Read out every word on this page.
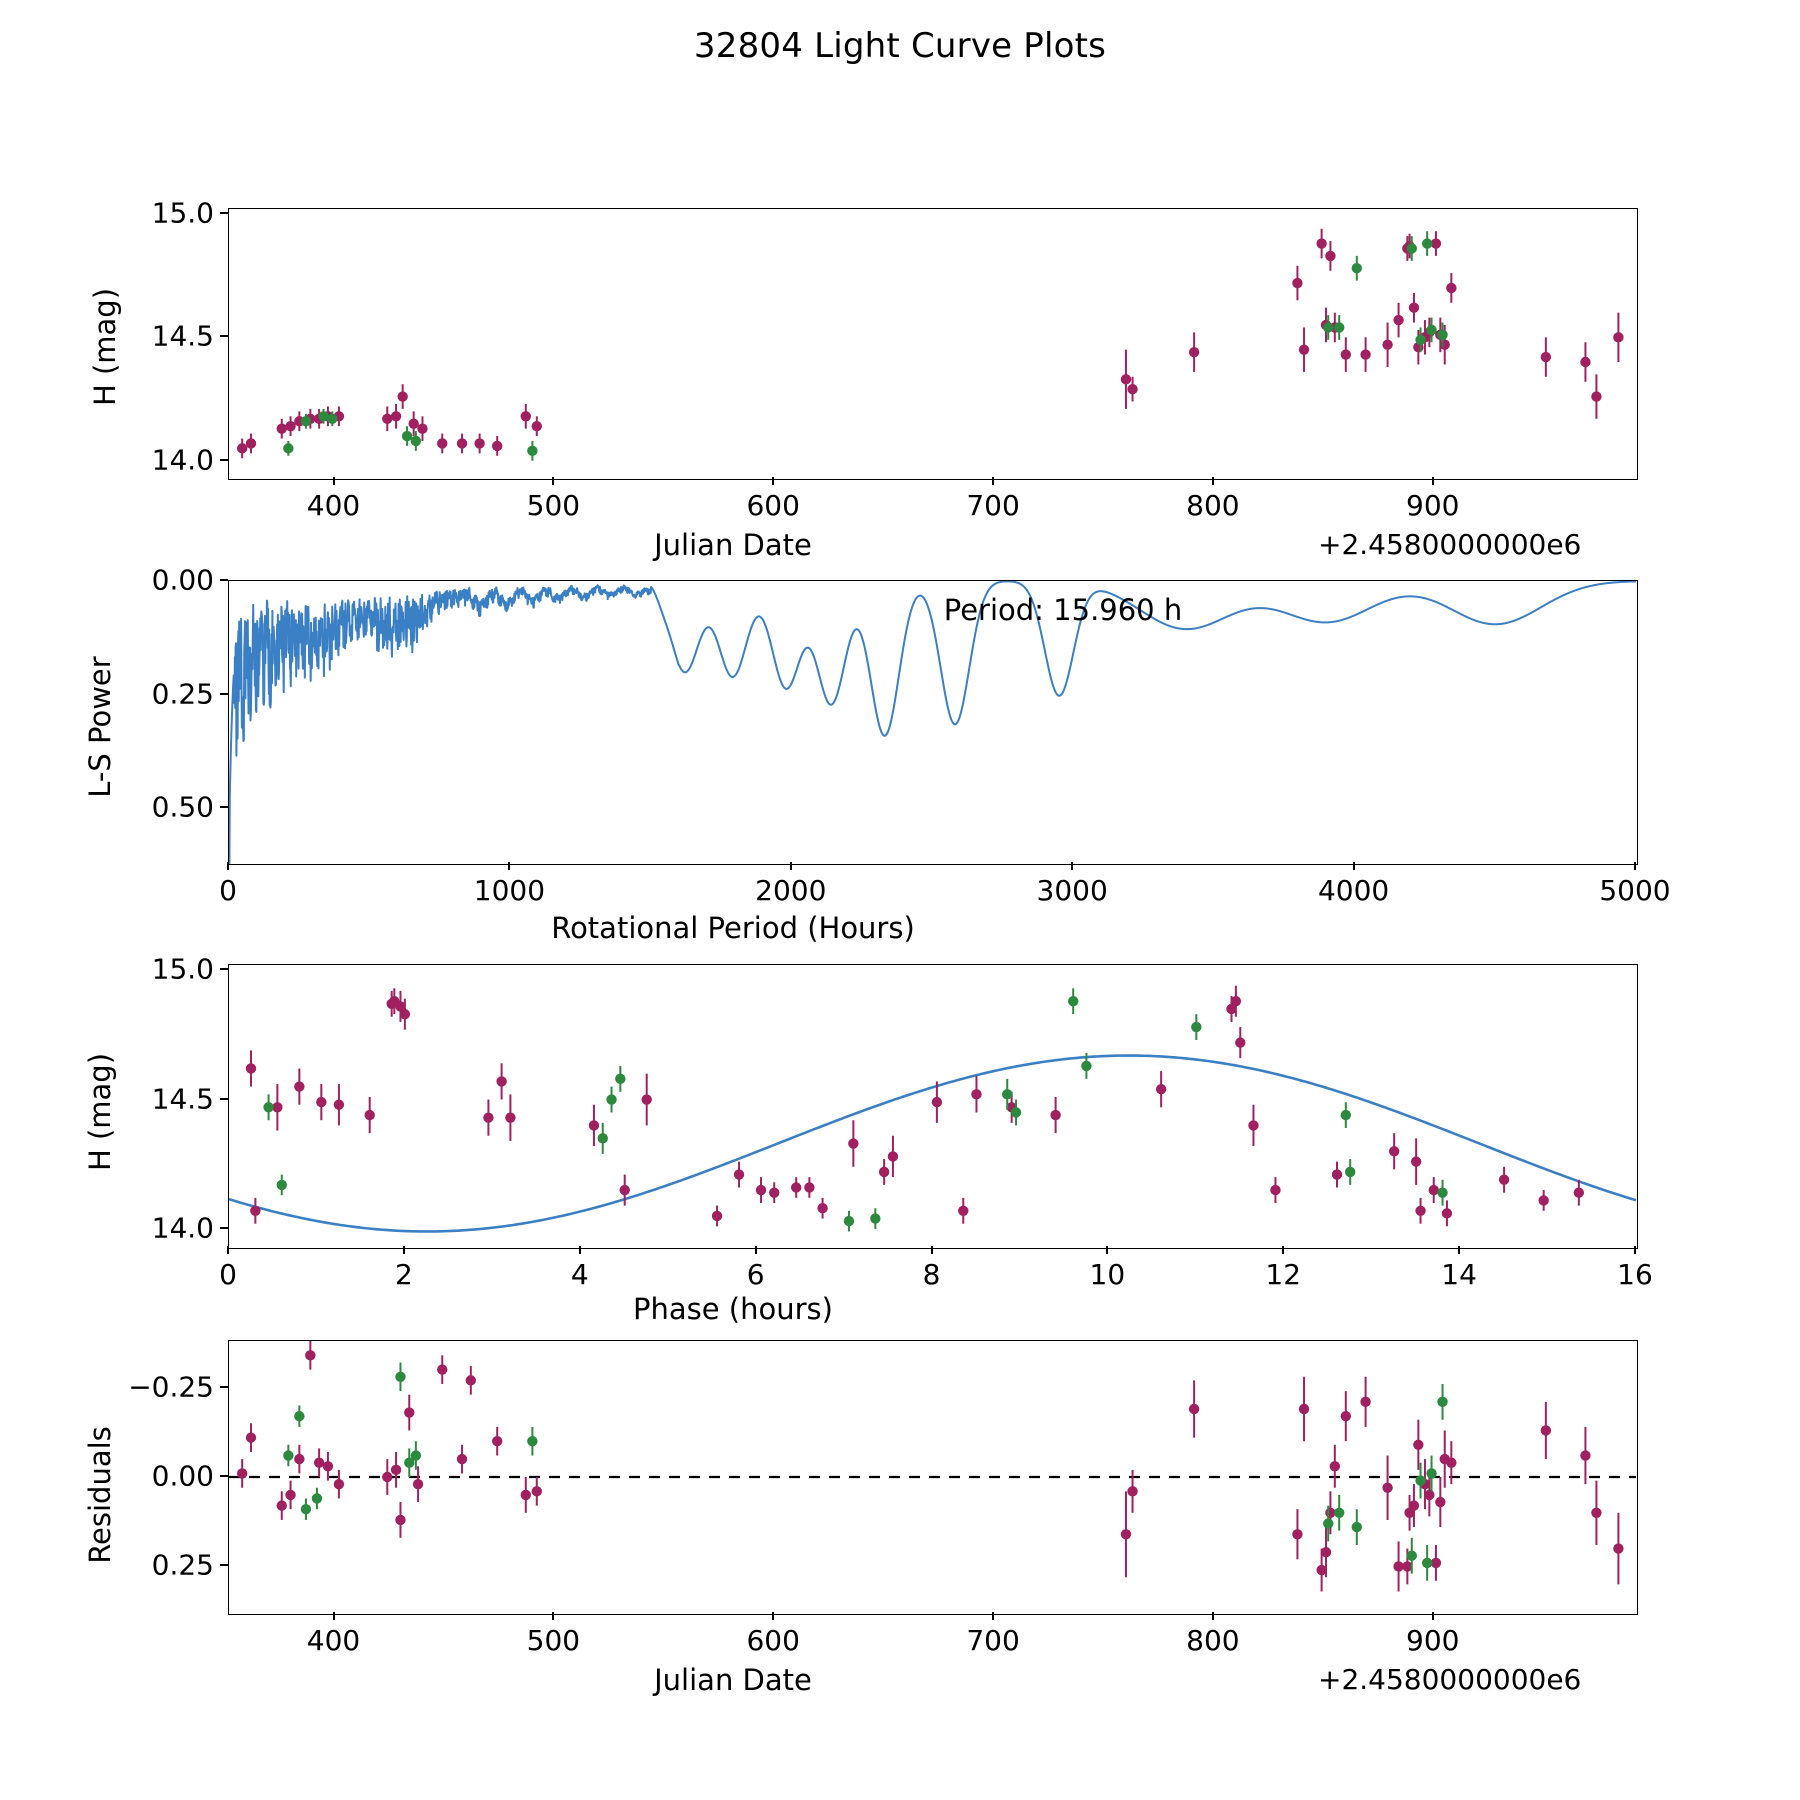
32804 Light Curve Plots
H (mag)
Julian Date	+2.4580000000e6
Period: 15.960 h
L-S Power
Rotational Period (Hours)
H (mag)
Phase (hours)
Residuals
Julian Date	+2.4580000000e6
400	500	600	700	800	900
14.0
14.5
15.0
0	1000	2000	3000	4000	5000
0.00
0.25
0.50
0	2	4	6	8	10	12	14	16
14.0
14.5
15.0
400	500	600	700	800	900
−0.25
0.00
0.25
